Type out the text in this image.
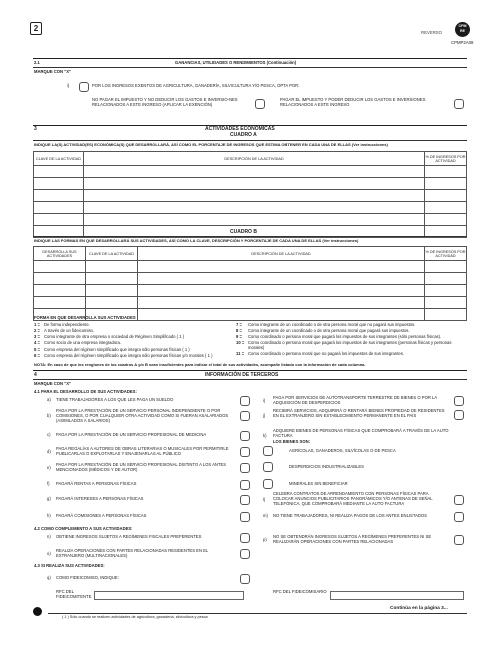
2	REVERSO
CPM
RE
CPMP2A08
2.1	GANANCIAS, UTILIDADES O RENDIMIENTOS (Continuación)
MARQUE CON "X"
i)	POR LOS INGRESOS EXENTOS DE AGRICULTURA, GANADERÍA, SILVICULTURA Y/O PESCA, OPTA POR:
NO PAGAR EL IMPUESTO Y NO DEDUCIR LOS GASTOS E INVERSIO-NES RELACIONADOS A ESTE INGRESO (APLICAR LA EXENCIÓN)
PAGAR EL IMPUESTO Y PODER DEDUCIR LOS GASTOS E INVERSIONES RELACIONADOS A ESTE INGRESO
3	ACTIVIDADES ECONÓMICAS
CUADRO A
INDIQUE LA(S) ACTIVIDAD(ES) ECONÓMICA(S) QUE DESARROLLARÁ, ASÍ COMO EL PORCENTAJE DE INGRESOS QUE ESTIMA OBTENER EN CADA UNA DE ELLAS (Ver instrucciones)
CLAVE DE LA ACTIVIDAD	DESCRIPCIÓN DE LA ACTIVIDAD	% DE INGRESOS POR ACTIVIDAD

CUADRO B
INDIQUE LAS FORMAS EN QUE DESARROLLARÁ SUS ACTIVIDADES, ASÍ COMO LA CLAVE, DESCRIPCIÓN Y PORCENTAJE DE CADA UNA DE ELLAS (Ver instrucciones)
DESARROLLA SUS ACTIVIDADES	CLAVE DE LA ACTIVIDAD	DESCRIPCIÓN DE LA ACTIVIDAD	% DE INGRESOS POR ACTIVIDAD

FORMA EN QUE DESARROLLA SUS ACTIVIDADES
1 = De forma independiente.
2 = A través de un fideicomiso.
3 = Como integrante de otra empresa o sociedad de Régimen Simplificado ( 1 )
4 = Como socio de una empresa integradora.
5 = Como empresa del régimen simplificado que integra sólo personas físicas ( 1 )
6 = Como empresa del régimen simplificado que integra sólo personas físicas y/o morales ( 1 )
7 =	Como integrante de un coordinado o de otra persona moral que no pagará sus impuestos.
8 =	Como integrante de un coordinado o de otra persona moral que pagará sus impuestos.
9 =	Como coordinado o persona moral que pagará los impuestos de sus integrantes (sólo personas físicas).
10 = Como coordinado o persona moral que pagará los impuestos de sus integrantes (personas físicas y personas morales)
11 = Como coordinado o persona moral que no pagará los impuestos de sus integrantes.
NOTA: En caso de que los renglones de los cuadros A y/o B sean insuficientes para indicar el total de sus actividades, acompañe listado con la información de cada columna.
4	INFORMACIÓN DE TERCEROS
MARQUE CON "X"
4.1 PARA EL DESARROLLO DE SUS ACTIVIDADES:
a) TIENE TRABAJADORES A LOS QUE LES PAGA UN SUELDO
b)
PAGA POR LA PRESTACIÓN DE UN SERVICIO PERSONAL INDEPENDIENTE O POR COMISIONES, O POR CUALQUIER OTRA ACTIVIDAD COMO SI FUERAN ASALARIADOS (ASIMILADOS A SALARIOS)
c) PAGA POR LA PRESTACIÓN DE UN SERVICIO PROFESIONAL DE MEDICINA
d)
PAGA REGALÍAS A AUTORES DE OBRAS LITERARIAS O MUSICALES POR PERMITIRLE PUBLICARLAS O EXPLOTARLAS Y ENAJENARLAS AL PÚBLICO
e)
PAGA POR LA PRESTACIÓN DE UN SERVICIO PROFESIONAL DISTINTO A LOS ANTES MENCIONADOS (MÉDICOS Y DE AUTOR)
f) PAGARÁ RENTAS A PERSONAS FÍSICAS
g) PAGARÁ INTERESES A PERSONAS FÍSICAS
h) PAGARÁ COMISIONES A PERSONAS FÍSICAS
i)
PAGA POR SERVICIOS DE AUTOTRANSPORTE TERRESTRE DE BIENES O POR LA ADQUISICIÓN DE DESPERDICIOS
j)
RECIBIRÁ SERVICIOS, ADQUIRIRÁ O RENTARÁ BIENES PROPIEDAD DE RESIDENTES EN EL EXTRANJERO SIN ESTABLECIMIENTO PERMANENTE EN EL PAÍS
k)
ADQUIERE BIENES DE PERSONAS FÍSICAS QUE COMPROBARÁ A TRAVÉS DE LA AUTO FACTURA
LOS BIENES SON:
AGRÍCOLAS, GANADEROS, SILVÍCOLAS O DE PESCA
DESPERDICIOS INDUSTRIALIZABLES
MINERALES SIN BENEFICIAR
l)
CELEBRA CONTRATOS DE ARRENDAMIENTO CON PERSONAS FÍSICAS PARA COLOCAR ANUNCIOS PUBLICITARIOS PANORÁMICOS Y/O ANTENAS DE SEÑAL TELEFÓNICA, QUE COMPROBARÁ MEDIANTE LA AUTO FACTURA
m) NO TIENE TRABAJADORES, NI REALIZA PAGOS DE LOS ANTES ENLISTADOS
4.2 COMO COMPLEMENTO A SUS ACTIVIDADES:
n) OBTIENE INGRESOS SUJETOS A REGÍMENES FISCALES PREFERENTES
o)
REALIZA OPERACIONES CON PARTES RELACIONADAS RESIDENTES EN EL EXTRANJERO (MULTINACIONALES)
p)
NO SE OBTENDRÁN INGRESOS SUJETOS A REGÍMENES PREFERENTES NI SE REALIZARÁN OPERACIONES CON PARTES RELACIONADAS
4.3 SI REALIZA SUS ACTIVIDADES:
q) COMO FIDEICOMISO, INDIQUE:
RFC DEL FIDEICOMITENTE
RFC DEL FIDEICOMISARIO
Continúa en la página 3...
( 1 ) Sólo cuando se realicen actividades de agricultura, ganadería, silvicultura y pesca
